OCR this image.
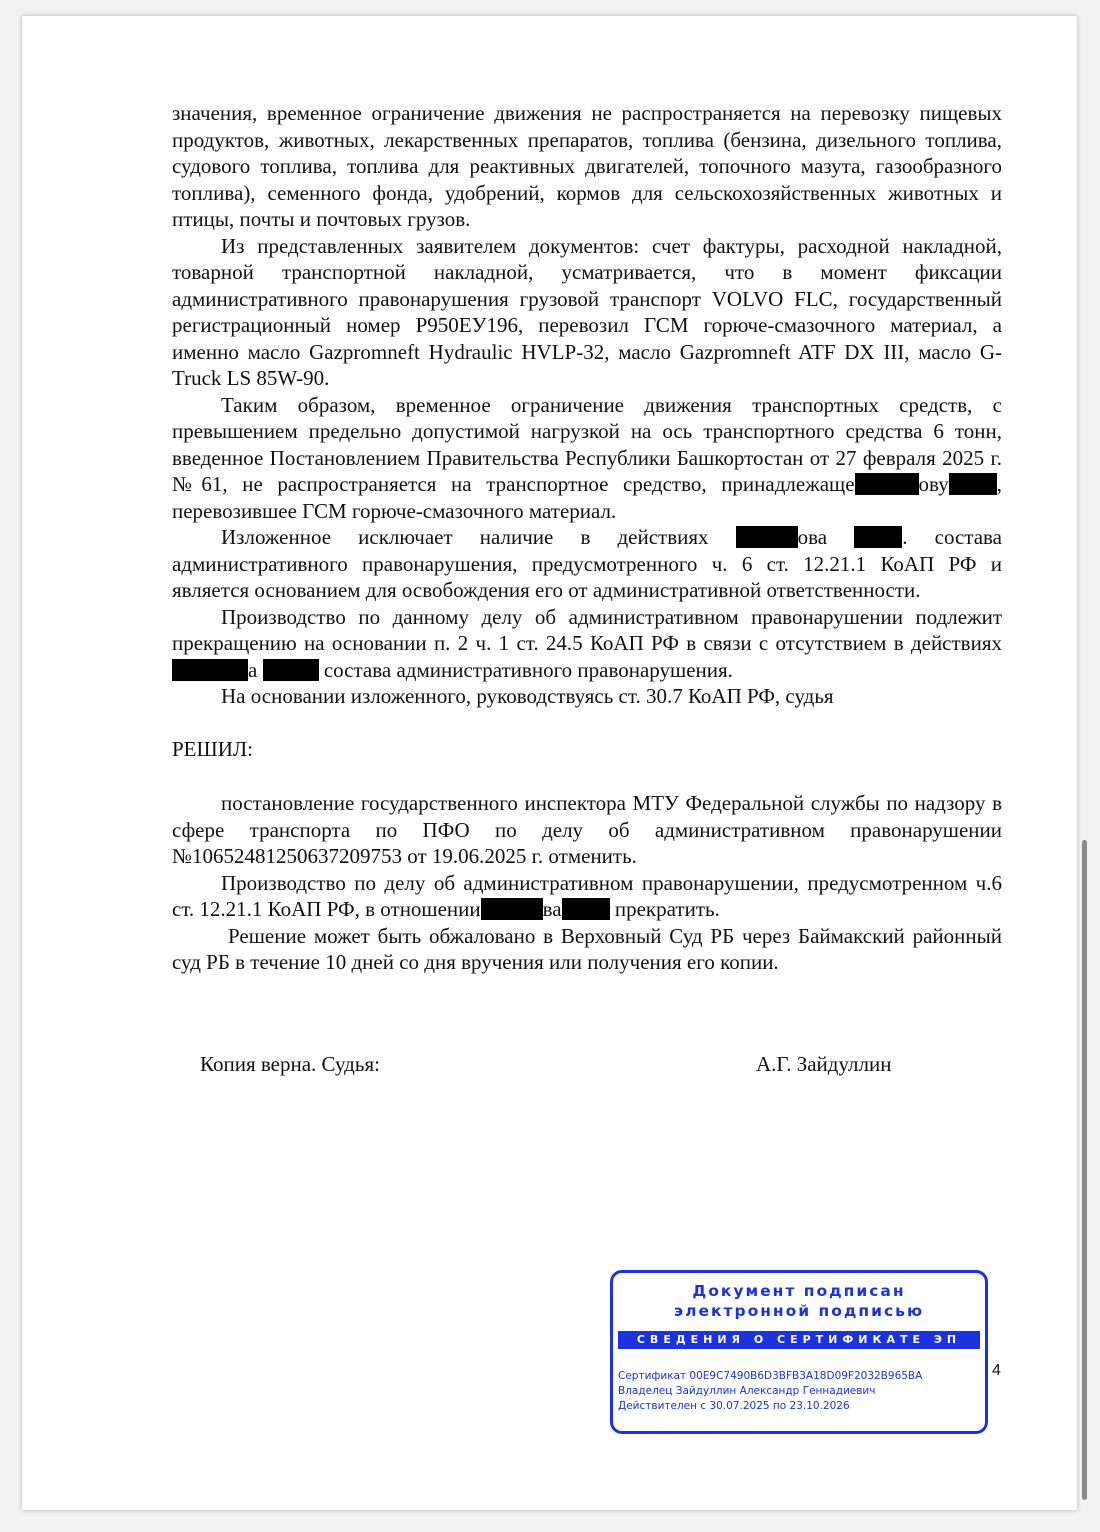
значения, временное ограничение движения не распространяется на перевозку пищевых продуктов, животных, лекарственных препаратов, топлива (бензина, дизельного топлива, судового топлива, топлива для реактивных двигателей, топочного мазута, газообразного топлива), семенного фонда, удобрений, кормов для сельскохозяйственных животных и птицы, почты и почтовых грузов.

Из представленных заявителем документов: счет фактуры, расходной накладной, товарной транспортной накладной, усматривается, что в момент фиксации административного правонарушения грузовой транспорт VOLVO FLC, государственный регистрационный номер Р950ЕУ196, перевозил ГСМ горюче-смазочного материал, а именно масло Gazpromneft Hydraulic HVLP-32, масло Gazpromneft ATF DX III, масло G-Truck LS 85W-90.

Таким образом, временное ограничение движения транспортных средств, с превышением предельно допустимой нагрузкой на ось транспортного средства 6 тонн, введенное Постановлением Правительства Республики Башкортостан от 27 февраля 2025 г. №61, не распространяется на транспортное средство, принадлежаще	ову , перевозившее ГСМ горюче-смазочного материал.

Изложенное исключает наличие в действиях	ова	. состава административного правонарушения, предусмотренного ч. 6 ст. 12.21.1 КоАП РФ и является основанием для освобождения его от административной ответственности.

Производство по данному делу об административном правонарушении подлежит прекращению на основании п. 2 ч. 1 ст. 24.5 КоАП РФ в связи с отсутствием в действиях а	состава административного правонарушения.

На основании изложенного, руководствуясь ст. 30.7 КоАП РФ, судья

РЕШИЛ:

постановление государственного инспектора МТУ Федеральной службы по надзору в сфере транспорта по ПФО по делу об административном правонарушении №10652481250637209753 от 19.06.2025 г. отменить.

Производство по делу об административном правонарушении, предусмотренном ч.6 ст. 12.21.1 КоАП РФ, в отношении	ва	прекратить.

Решение может быть обжаловано в Верховный Суд РБ через Баймакский районный суд РБ в течение 10 дней со дня вручения или получения его копии.

Копия верна. Судья:	А.Г. Зайдуллин
Документ подписан
электронной подписью
СВЕДЕНИЯ О СЕРТИФИКАТЕ ЭП
Сертификат 00E9C7490B6D3BFB3A18D09F2032B965BA
Владелец Зайдуллин Александр Геннадиевич
Действителен с 30.07.2025 по 23.10.2026
4
